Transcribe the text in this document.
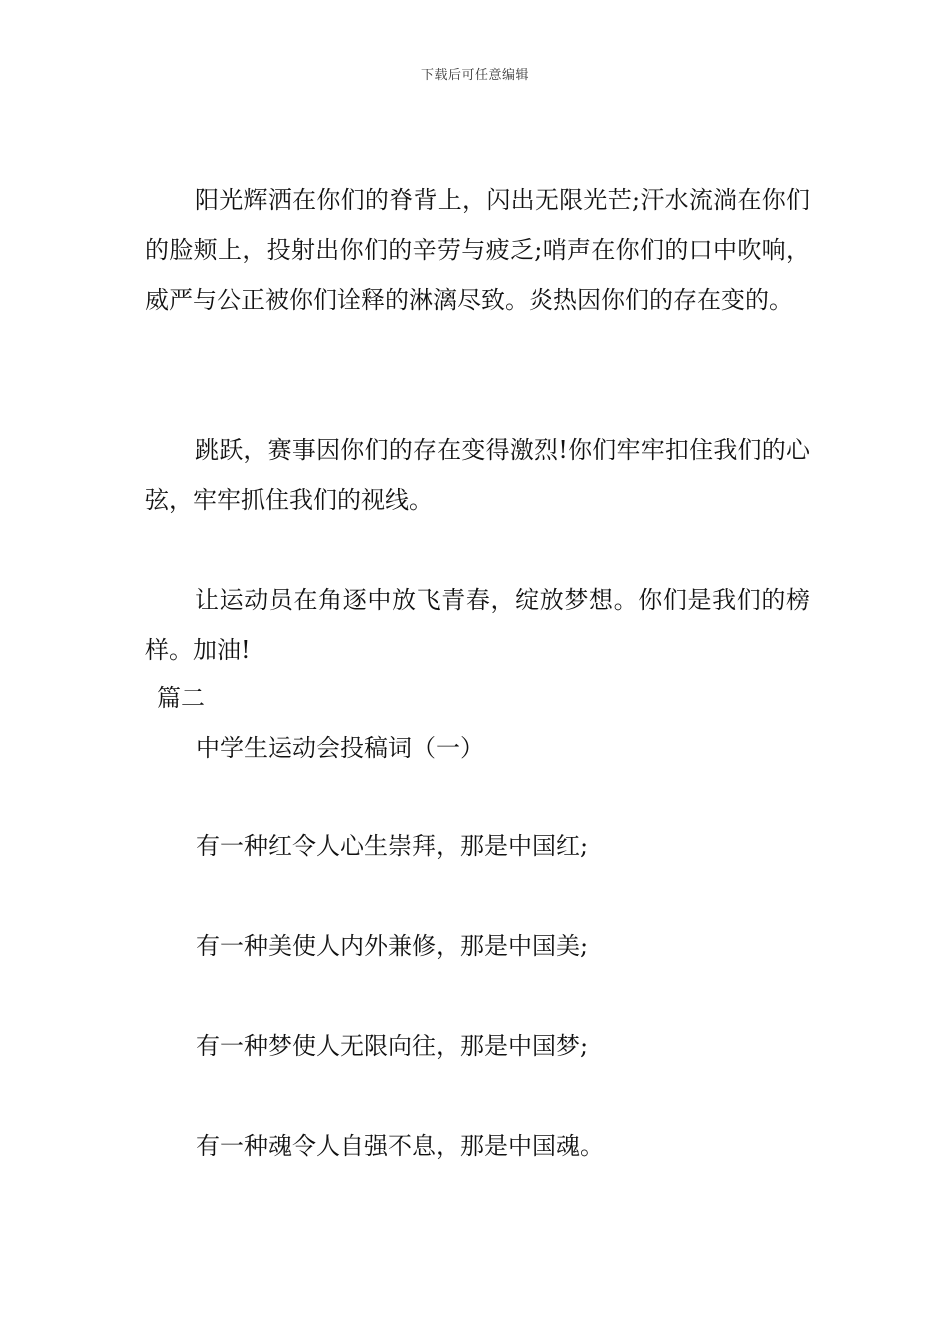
下载后可任意编辑

阳光辉洒在你们的脊背上，闪出无限光芒;汗水流淌在你们的脸颊上，投射出你们的辛劳与疲乏;哨声在你们的口中吹响，威严与公正被你们诠释的淋漓尽致。炎热因你们的存在变的。

跳跃，赛事因你们的存在变得激烈!你们牢牢扣住我们的心弦，牢牢抓住我们的视线。

让运动员在角逐中放飞青春，绽放梦想。你们是我们的榜样。加油!

篇二

中学生运动会投稿词（一）

有一种红令人心生崇拜，那是中国红;

有一种美使人内外兼修，那是中国美;

有一种梦使人无限向往，那是中国梦;

有一种魂令人自强不息，那是中国魂。
